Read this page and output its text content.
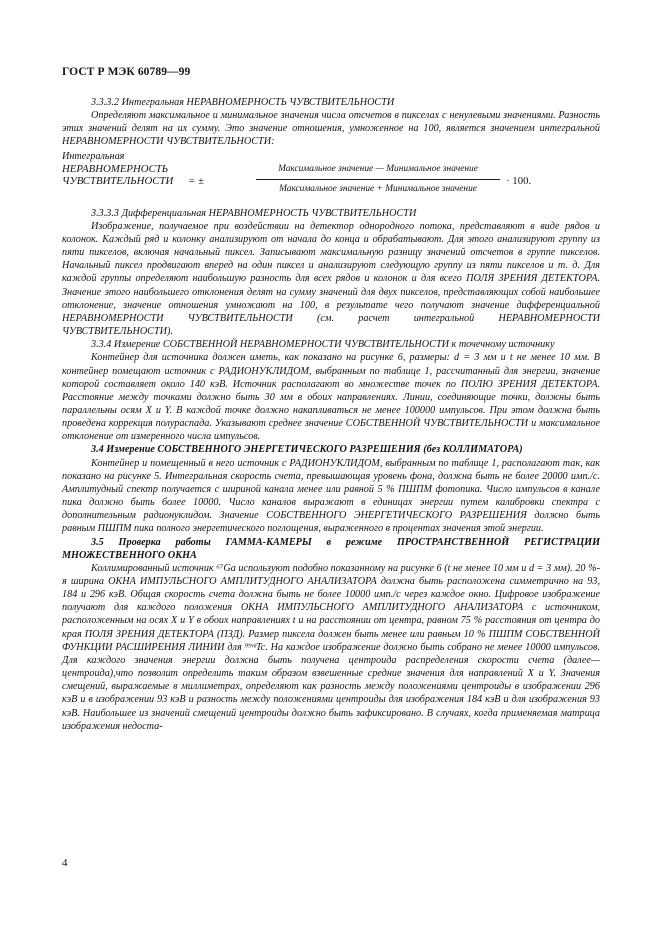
ГОСТ Р МЭК 60789—99

3.3.3.2 Интегральная НЕРАВНОМЕРНОСТЬ ЧУВСТВИТЕЛЬНОСТИ

Определяют максимальное и минимальное значения числа отсчетов в пикселах с ненулевыми значениями. Разность этих значений делят на их сумму. Это значение отношения, умноженное на 100, является значением интегральной НЕРАВНОМЕРНОСТИ ЧУВСТВИТЕЛЬНОСТИ:

Интегральная
НЕРАВНОМЕРНОСТЬ
ЧУВСТВИТЕЛЬНОСТИ = ±
Максимальное значение — Минимальное значение
Максимальное значение + Минимальное значение
· 100.

3.3.3.3 Дифференциальная НЕРАВНОМЕРНОСТЬ ЧУВСТВИТЕЛЬНОСТИ

Изображение, получаемое при воздействии на детектор однородного потока, представляют в виде рядов и колонок. Каждый ряд и колонку анализируют от начала до конца и обрабатывают. Для этого анализируют группу из пяти пикселов, включая начальный пиксел. Записывают максимальную разницу значений отсчетов в группе пикселов. Начальный пиксел продвигают вперед на один пиксел и анализируют следующую группу из пяти пикселов и т. д. Для каждой группы определяют наибольшую разность для всех рядов и колонок и для всего ПОЛЯ ЗРЕНИЯ ДЕТЕКТОРА. Значение этого наибольшего отклонения делят на сумму значений для двух пикселов, представляющих собой наибольшее отклонение, значение отношения умножают на 100, в результате чего получают значение дифференциальной НЕРАВНОМЕРНОСТИ ЧУВСТВИТЕЛЬНОСТИ (см. расчет интегральной НЕРАВНОМЕРНОСТИ ЧУВСТВИТЕЛЬНОСТИ).

3.3.4 Измерение СОБСТВЕННОЙ НЕРАВНОМЕРНОСТИ ЧУВСТВИТЕЛЬНОСТИ к точечному источнику

Контейнер для источника должен иметь, как показано на рисунке 6, размеры: d = 3 мм и t не менее 10 мм. В контейнер помещают источник с РАДИОНУКЛИДОМ, выбранным по таблице 1, рассчитанный для энергии, значение которой составляет около 140 кэВ. Источник располагают во множестве точек по ПОЛЮ ЗРЕНИЯ ДЕТЕКТОРА. Расстояние между точками должно быть 30 мм в обоих направлениях. Линии, соединяющие точки, должны быть параллельны осям X и Y. В каждой точке должно накапливаться не менее 100000 импульсов. При этом должна быть проведена коррекция полураспада. Указывают среднее значение СОБСТВЕННОЙ ЧУВСТВИТЕЛЬНОСТИ и максимальное отклонение от измеренного числа импульсов.

3.4 Измерение СОБСТВЕННОГО ЭНЕРГЕТИЧЕСКОГО РАЗРЕШЕНИЯ (без КОЛЛИМАТОРА)

Контейнер и помещенный в него источник с РАДИОНУКЛИДОМ, выбранным по таблице 1, располагают так, как показано на рисунке 5. Интегральная скорость счета, превышающая уровень фона, должна быть не более 20000 имп./с. Амплитудный спектр получается с шириной канала менее или равной 5 % ПШПМ фотопика. Число импульсов в канале пика должно быть более 10000. Число каналов выражают в единицах энергии путем калибровки спектра с дополнительным радионуклидом. Значение СОБСТВЕННОГО ЭНЕРГЕТИЧЕСКОГО РАЗРЕШЕНИЯ должно быть равным ПШПМ пика полного энергетического поглощения, выраженного в процентах значения этой энергии.

3.5 Проверка работы ГАММА-КАМЕРЫ в режиме ПРОСТРАНСТВЕННОЙ РЕГИСТРАЦИИ МНОЖЕСТВЕННОГО ОКНА

Коллимированный источник ⁶⁷Ga используют подобно показанному на рисунке 6 (t не менее 10 мм и d = 3 мм). 20 %-я ширина ОКНА ИМПУЛЬСНОГО АМПЛИТУДНОГО АНАЛИЗАТОРА должна быть расположена симметрично на 93, 184 и 296 кэВ. Общая скорость счета должна быть не более 10000 имп./с через каждое окно. Цифровое изображение получают для каждого положения ОКНА ИМПУЛЬСНОГО АМПЛИТУДНОГО АНАЛИЗАТОРА с источником, расположенным на осях X и Y в обоих направлениях t и на расстоянии от центра, равном 75 % расстояния от центра до края ПОЛЯ ЗРЕНИЯ ДЕТЕКТОРА (ПЗД). Размер пиксела должен быть менее или равным 10 % ПШПМ СОБСТВЕННОЙ ФУНКЦИИ РАСШИРЕНИЯ ЛИНИИ для ⁹⁹ᵐTc. На каждое изображение должно быть собрано не менее 10000 импульсов. Для каждого значения энергии должна быть получена центроида распределения скорости счета (далее— центроида),что позволит определить таким образом взвешенные средние значения для направлений X и Y. Значения смещений, выражаемые в миллиметрах, определяют как разность между положениями центроиды в изображении 296 кэВ и в изображении 93 кэВ и разность между положениями центроиды для изображения 184 кэВ и для изображения 93 кэВ. Наибольшее из значений смещений центроиды должно быть зафиксировано. В случаях, когда применяемая матрица изображения недоста-

4
